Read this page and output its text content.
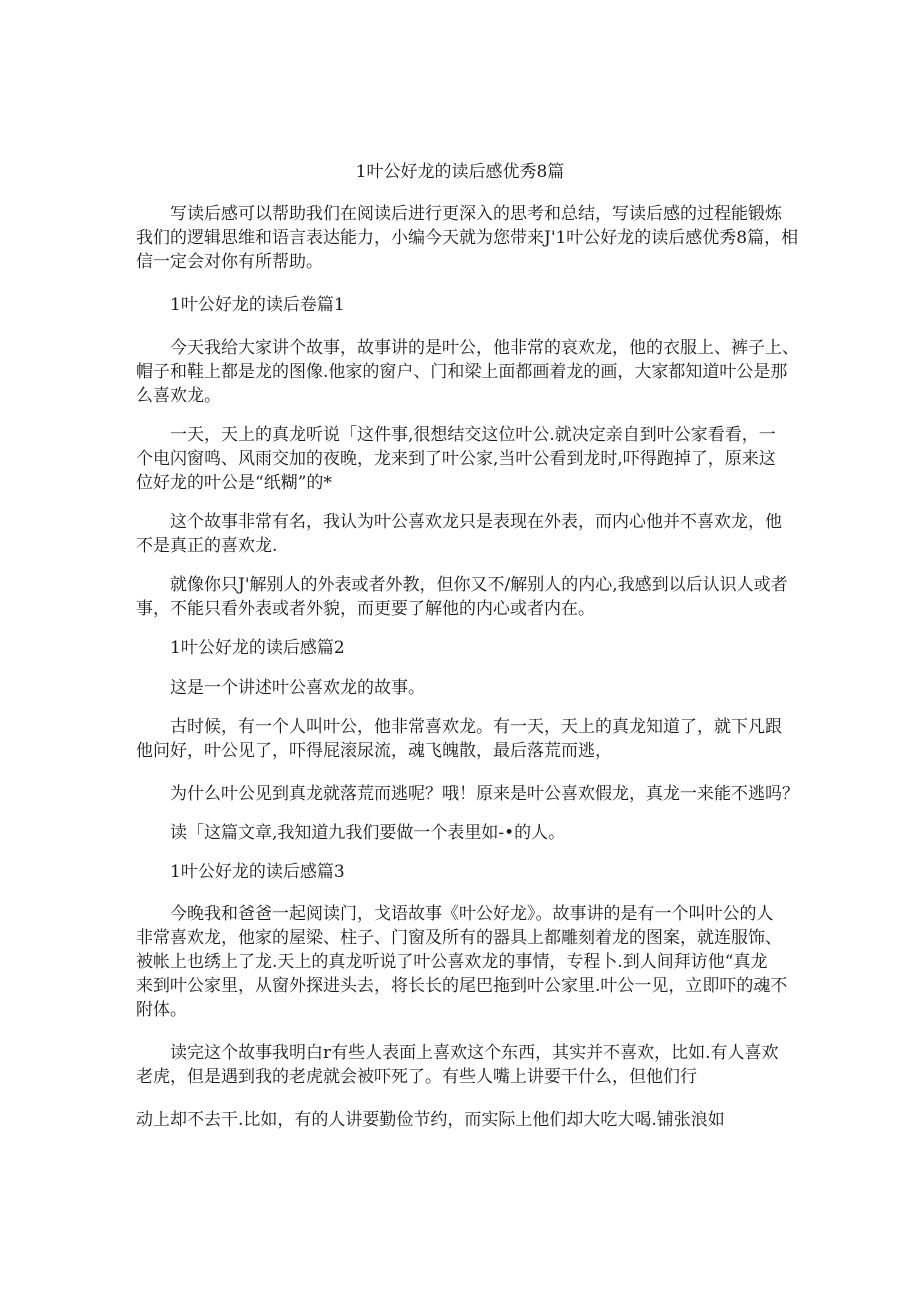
1叶公好龙的读后感优秀8篇
　　写读后感可以帮助我们在阅读后进行更深入的思考和总结，写读后感的过程能锻炼
我们的逻辑思维和语言表达能力，小编今天就为您带来J'1叶公好龙的读后感优秀8篇，相
信一定会对你有所帮助。
　　1叶公好龙的读后卷篇1
　　今天我给大家讲个故事，故事讲的是叶公，他非常的哀欢龙，他的衣服上、裤子上、
帽子和鞋上都是龙的图像.他家的窗户、门和梁上面都画着龙的画，大家都知道叶公是那
么喜欢龙。
　　一天，天上的真龙听说「这件事,很想结交这位叶公.就决定亲自到叶公家看看，一
个电闪窗鸣、风雨交加的夜晚，龙来到了叶公家,当叶公看到龙时,吓得跑掉了，原来这
位好龙的叶公是“纸糊”的*
　　这个故事非常有名，我认为叶公喜欢龙只是表现在外表，而内心他并不喜欢龙，他
不是真正的喜欢龙.
　　就像你只J'解别人的外表或者外教，但你又不/解别人的内心,我感到以后认识人或者
事，不能只看外表或者外貌，而更要了解他的内心或者内在。
　　1叶公好龙的读后感篇2
　　这是一个讲述叶公喜欢龙的故事。
　　古时候，有一个人叫叶公，他非常喜欢龙。有一天，天上的真龙知道了，就下凡跟
他问好，叶公见了，吓得屁滚尿流，魂飞魄散，最后落荒而逃，
　　为什么叶公见到真龙就落荒而逃呢？哦！原来是叶公喜欢假龙，真龙一来能不逃吗？
　　读「这篇文章,我知道九我们要做一个表里如-•的人。
　　1叶公好龙的读后感篇3
　　今晚我和爸爸一起阅读门，戈语故事《叶公好龙》。故事讲的是有一个叫叶公的人
非常喜欢龙，他家的屋梁、柱子、门窗及所有的器具上都雕刻着龙的图案，就连服饰、
被帐上也绣上了龙.天上的真龙听说了叶公喜欢龙的事情，专程卜.到人间拜访他“真龙
来到叶公家里，从窗外探进头去，将长长的尾巴拖到叶公家里.叶公一见，立即吓的魂不
附体。
　　读完这个故事我明白r有些人表面上喜欢这个东西，其实并不喜欢，比如.有人喜欢
老虎，但是遇到我的老虎就会被吓死了。有些人嘴上讲要干什么，但他们行
动上却不去干.比如，有的人讲要勤俭节约，而实际上他们却大吃大喝.铺张浪如
